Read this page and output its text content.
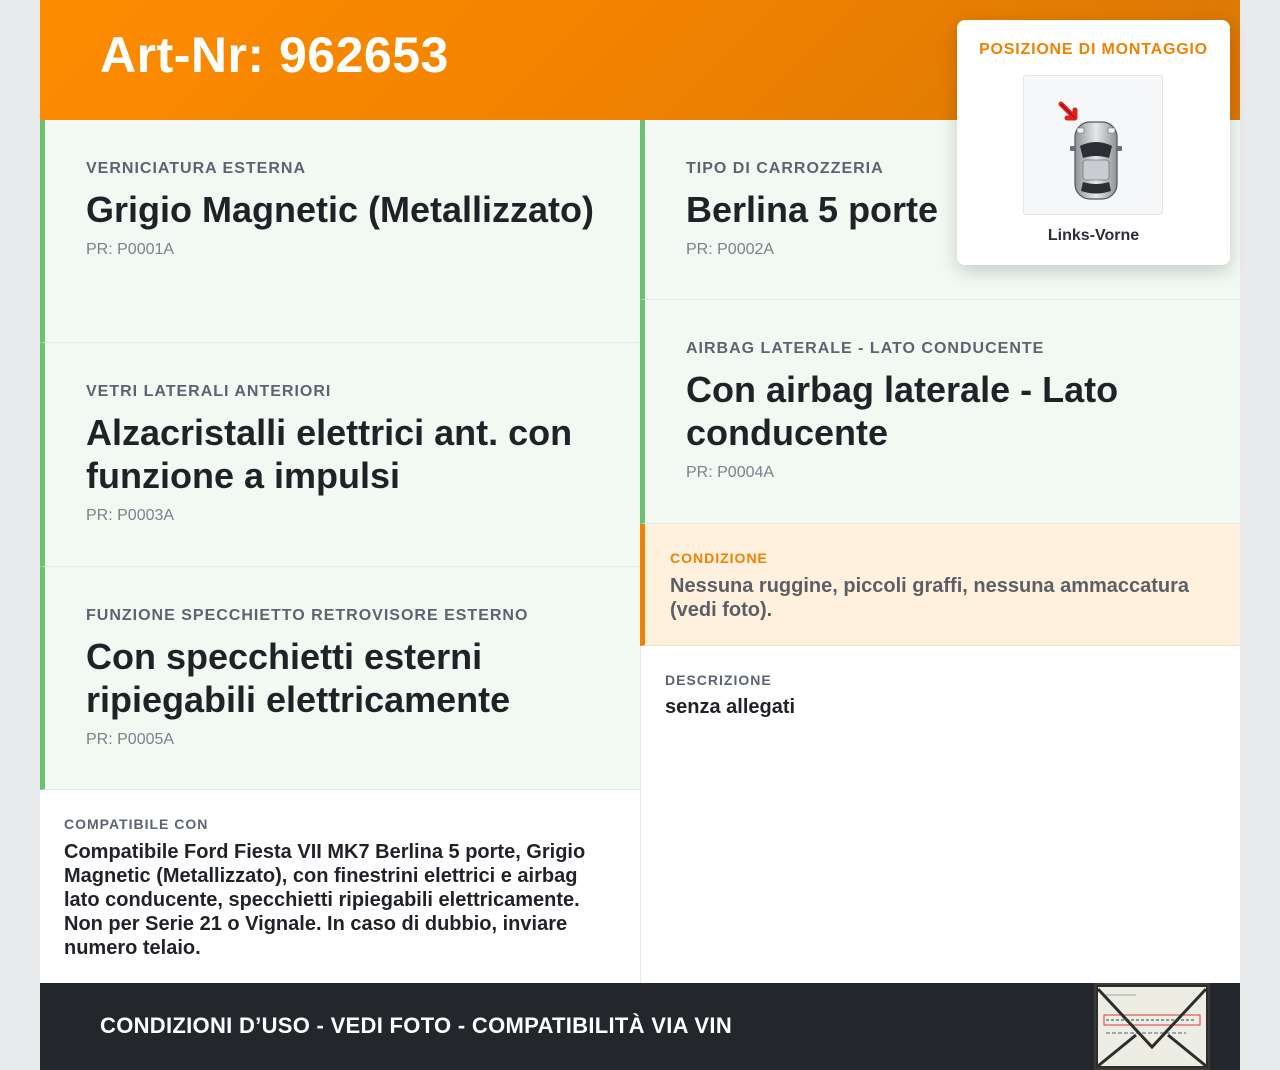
Art-Nr: 962653
VERNICIATURA ESTERNA
Grigio Magnetic (Metallizzato)
PR: P0001A
VETRI LATERALI ANTERIORI
Alzacristalli elettrici ant. con funzione a impulsi
PR: P0003A
FUNZIONE SPECCHIETTO RETROVISORE ESTERNO
Con specchietti esterni ripiegabili elettricamente
PR: P0005A
COMPATIBILE CON
Compatibile Ford Fiesta VII MK7 Berlina 5 porte, Grigio Magnetic (Metallizzato), con finestrini elettrici e airbag lato conducente, specchietti ripiegabili elettricamente. Non per Serie 21 o Vignale. In caso di dubbio, inviare numero telaio.
TIPO DI CARROZZERIA
Berlina 5 porte
PR: P0002A
AIRBAG LATERALE - LATO CONDUCENTE
Con airbag laterale - Lato conducente
PR: P0004A
CONDIZIONE
Nessuna ruggine, piccoli graffi, nessuna ammaccatura (vedi foto).
DESCRIZIONE
senza allegati
CONDIZIONI D’USO - VEDI FOTO - COMPATIBILITÀ VIA VIN
POSIZIONE DI MONTAGGIO
Links-Vorne
